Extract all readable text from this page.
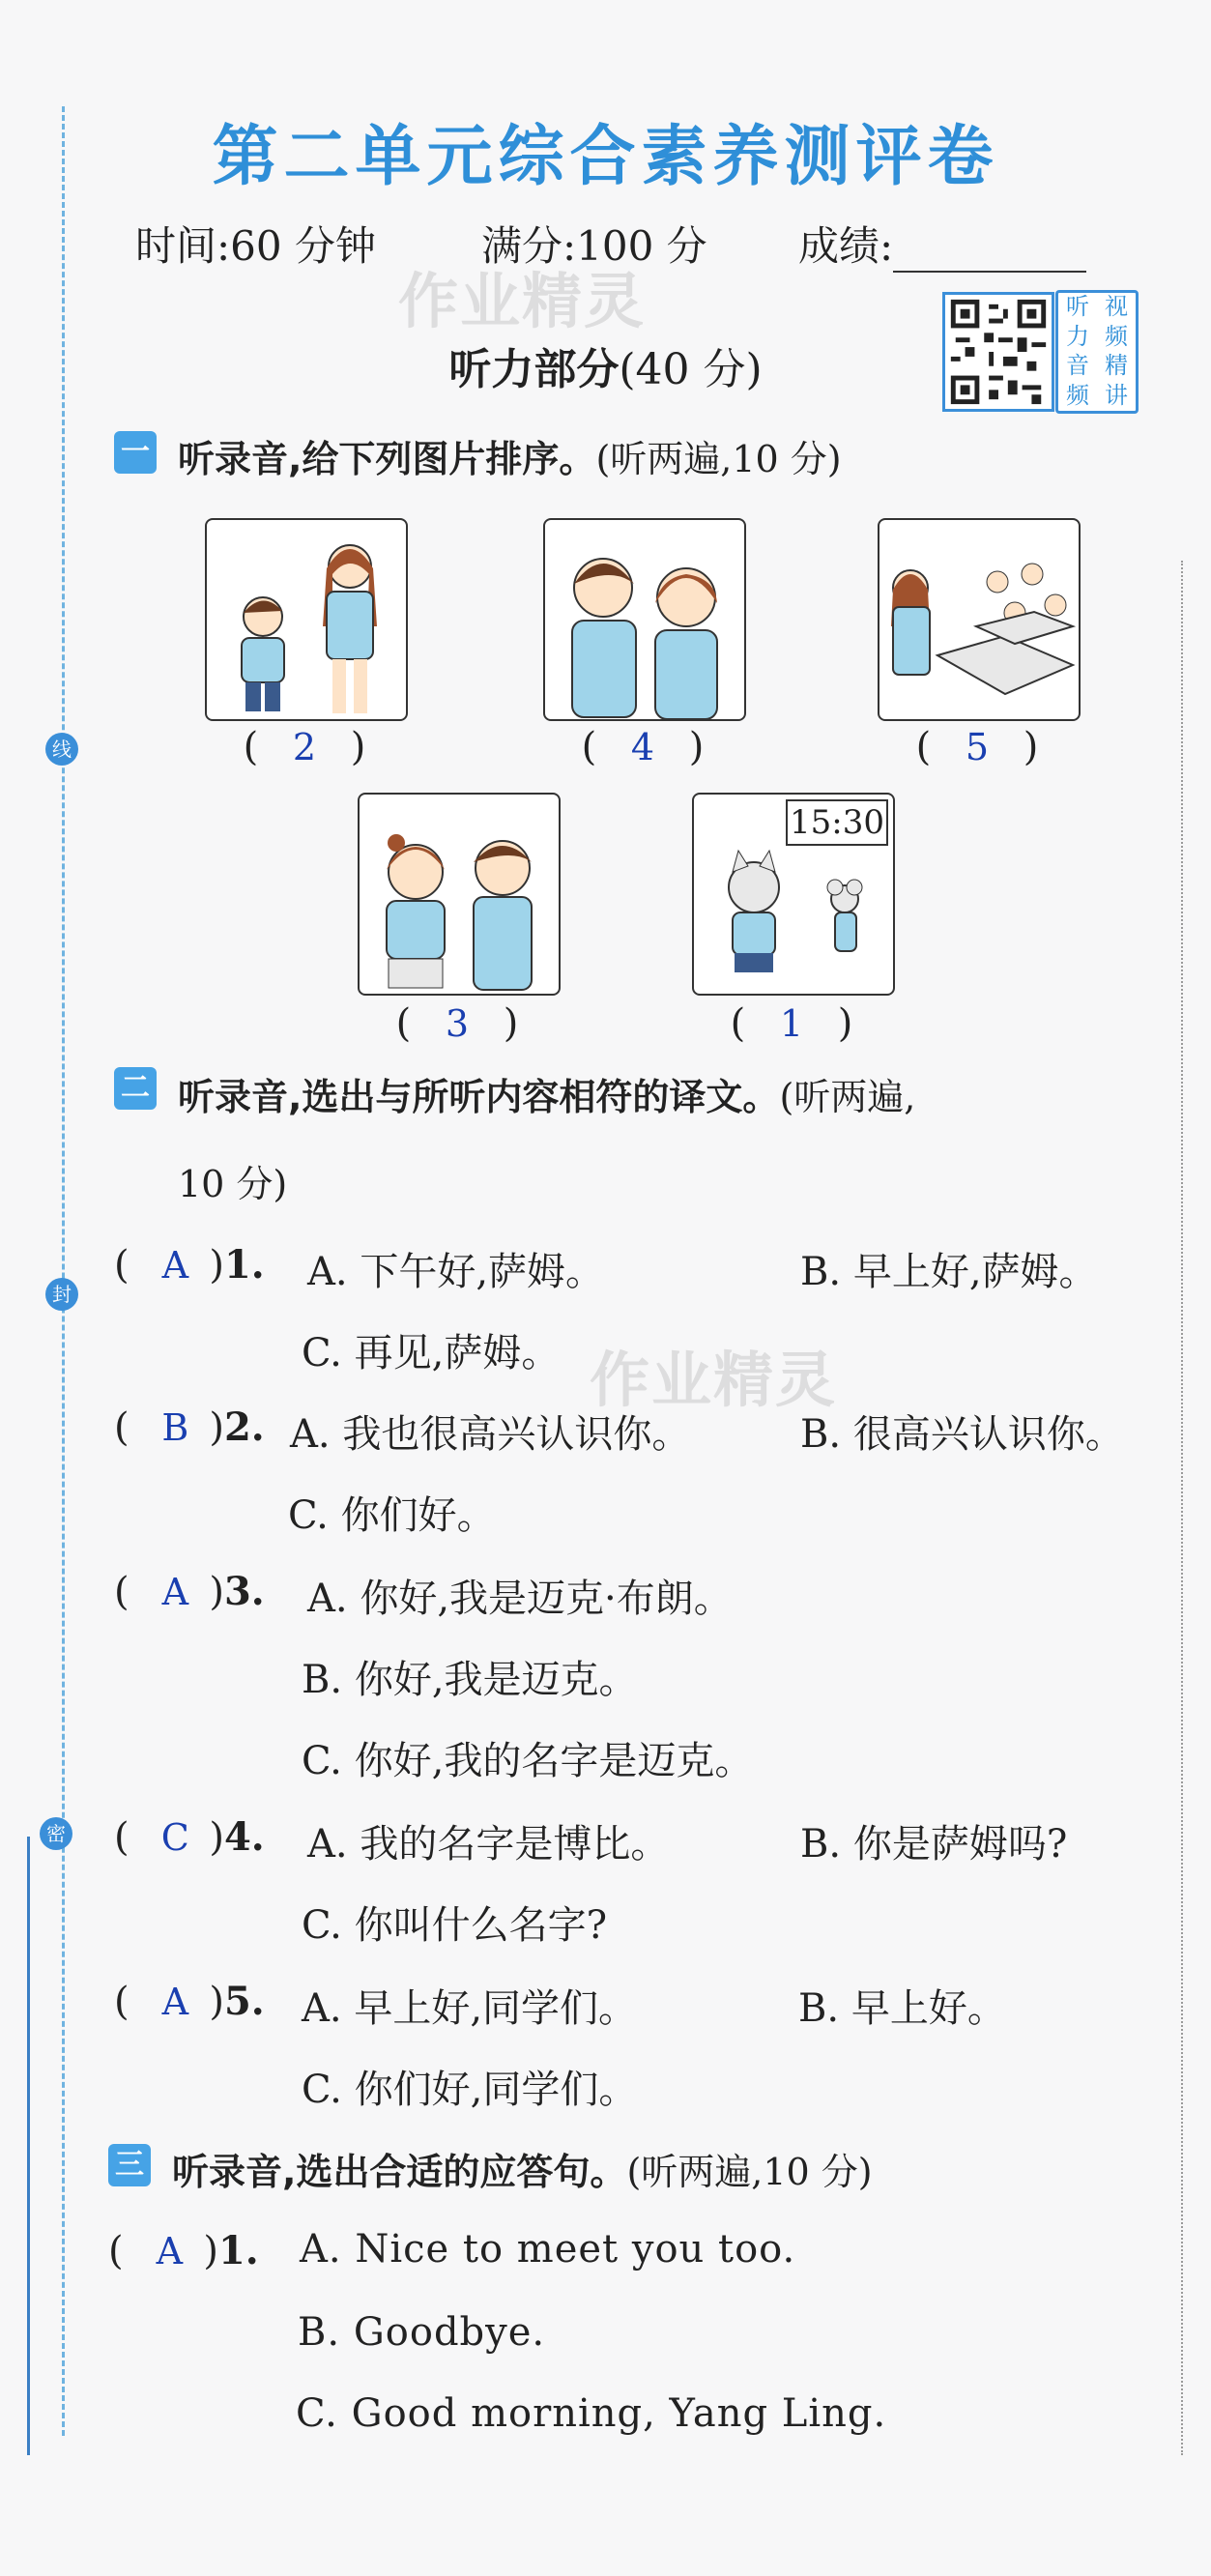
线
封
密
第二单元综合素养测评卷
时间:60 分钟	满分:100 分 成绩:
作业精灵	听 视
力 频
音 精
频 讲
听力部分(40 分)
一 听录音,给下列图片排序。(听两遍,10 分)
( 2 )	( 4 )	( 5 )
( 3 )
15:30
( 1 )
二 听录音,选出与所听内容相符的译文。(听两遍,
10 分)
( A )1. A. 下午好,萨姆。	B. 早上好,萨姆。
C. 再见,萨姆。 作业精灵
( B )2. A. 我也很高兴认识你。	B. 很高兴认识你。
C. 你们好。
( A )3. A. 你好,我是迈克·布朗。
B. 你好,我是迈克。
C. 你好,我的名字是迈克。
( C )4. A. 我的名字是博比。	B. 你是萨姆吗?
C. 你叫什么名字?
( A )5. A. 早上好,同学们。	B. 早上好。
C. 你们好,同学们。
三 听录音,选出合适的应答句。(听两遍,10 分)
( A )1. A. Nice to meet you too.
B. Goodbye.
C. Good morning, Yang Ling.
